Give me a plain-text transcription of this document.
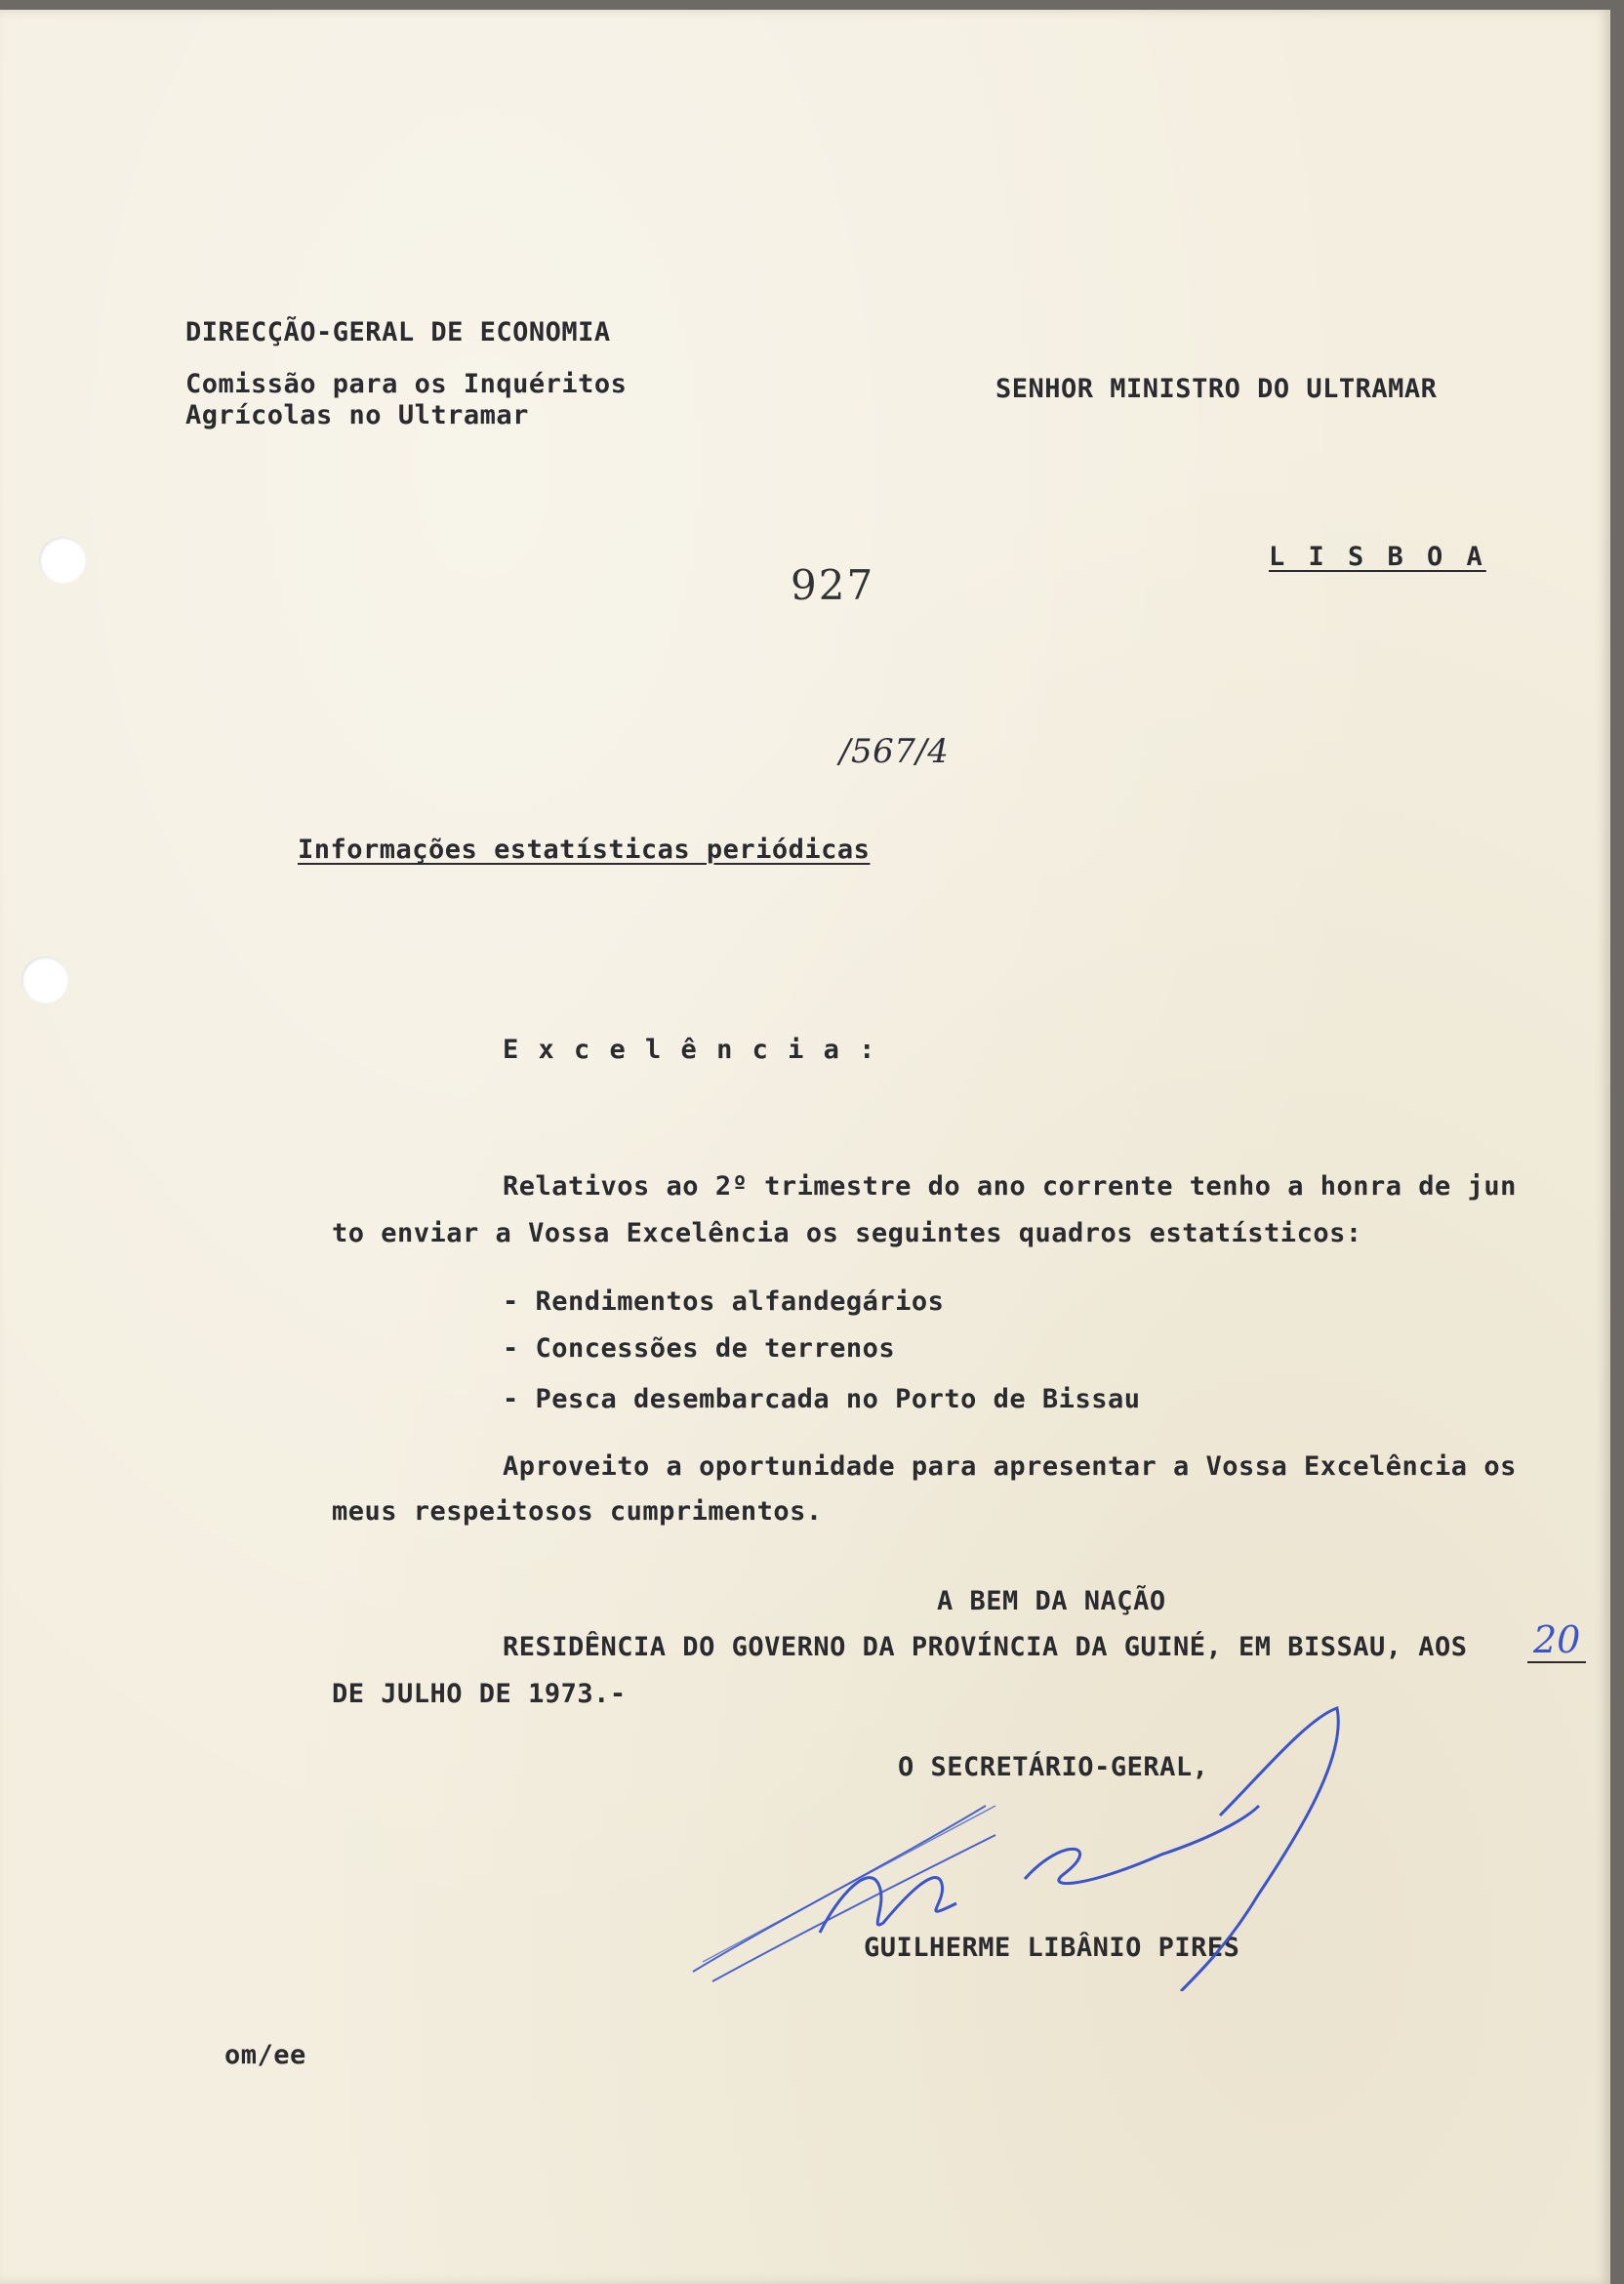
DIRECÇÃO-GERAL DE ECONOMIA

Comissão para os Inquéritos

Agrícolas no Ultramar

SENHOR MINISTRO DO ULTRAMAR

L I S B O A

927

/567/4

Informações estatísticas periódicas

E x c e l ê n c i a :

Relativos ao 2º trimestre do ano corrente tenho a honra de jun

to enviar a Vossa Excelência os seguintes quadros estatísticos:

- Rendimentos alfandegários

- Concessões de terrenos

- Pesca desembarcada no Porto de Bissau

Aproveito a oportunidade para apresentar a Vossa Excelência os

meus respeitosos cumprimentos.

A BEM DA NAÇÃO

RESIDÊNCIA DO GOVERNO DA PROVÍNCIA DA GUINÉ, EM BISSAU, AOS 20

DE JULHO DE 1973.-

O SECRETÁRIO-GERAL,

GUILHERME LIBÂNIO PIRES

om/ee
